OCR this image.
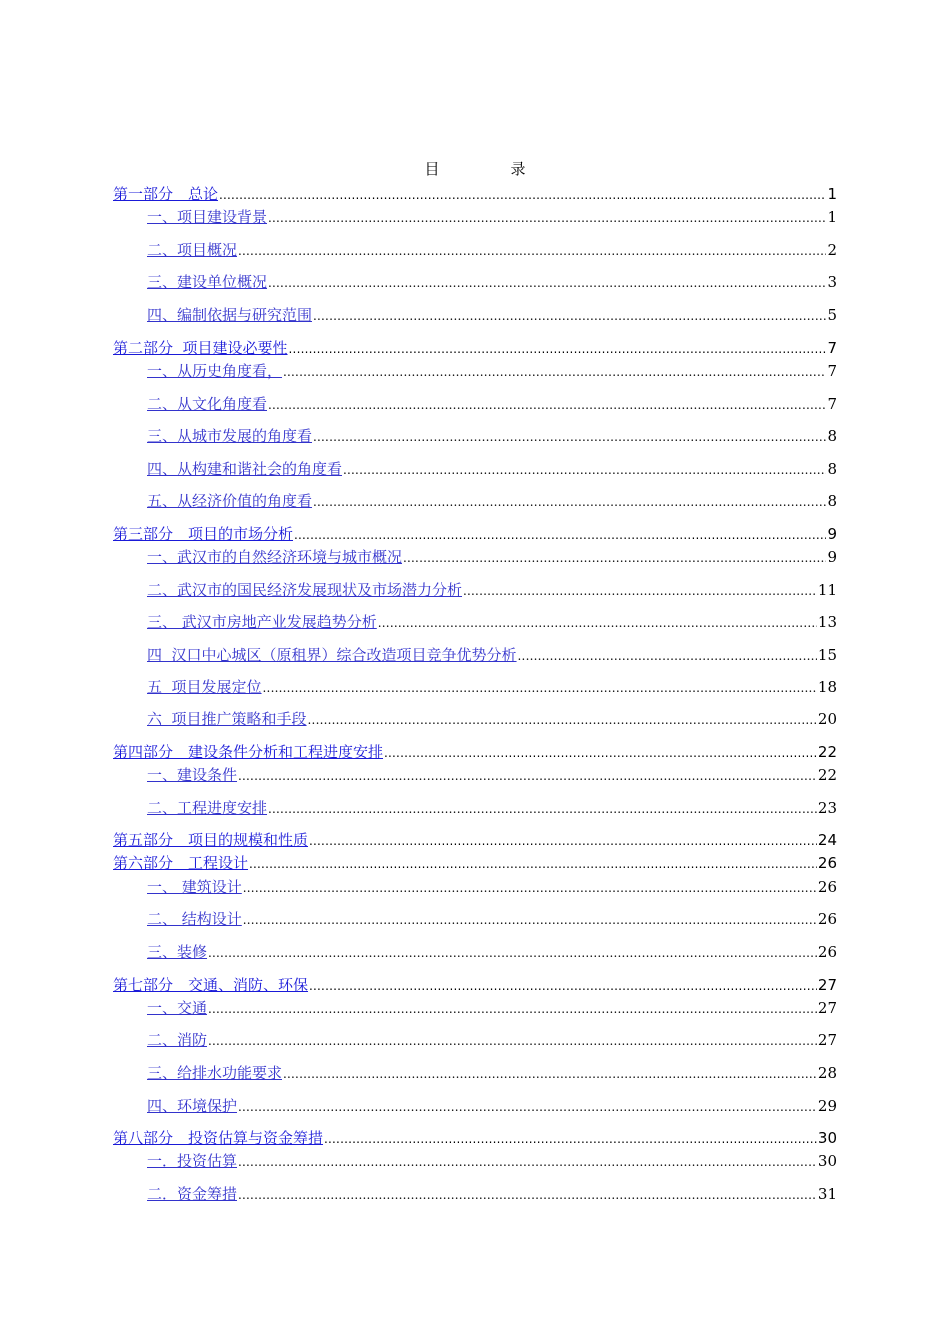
目　录
第一部分　总论 .....	1
一、项目建设背景 .....	1
二、项目概况 .....	2
三、建设单位概况 .....	3
四、编制依据与研究范围 .....	5
第二部分  项目建设必要性 .....	7
一、从历史角度看， .....	7
二、从文化角度看 .....	7
三、从城市发展的角度看 .....	8
四、从构建和谐社会的角度看 .....	8
五、从经济价值的角度看 .....	8
第三部分　项目的市场分析 .....	9
一、武汉市的自然经济环境与城市概况 .....	9
二、武汉市的国民经济发展现状及市场潜力分析 .....	11
三、 武汉市房地产业发展趋势分析 .....	13
四  汉口中心城区（原租界）综合改造项目竞争优势分析 .....	15
五  项目发展定位 .....	18
六  项目推广策略和手段 .....	20
第四部分　建设条件分析和工程进度安排 .....	22
一、建设条件 .....	22
二、工程进度安排 .....	23
第五部分　项目的规模和性质 .....	24
第六部分　工程设计 .....	26
一、 建筑设计 .....	26
二、 结构设计 .....	26
三、装修 .....	26
第七部分　交通、消防、环保 .....	27
一、交通 .....	27
二、消防 .....	27
三、给排水功能要求 .....	28
四、环境保护 .....	29
第八部分　投资估算与资金筹措 .....	30
一．投资估算 .....	30
二．资金筹措 .....	31
